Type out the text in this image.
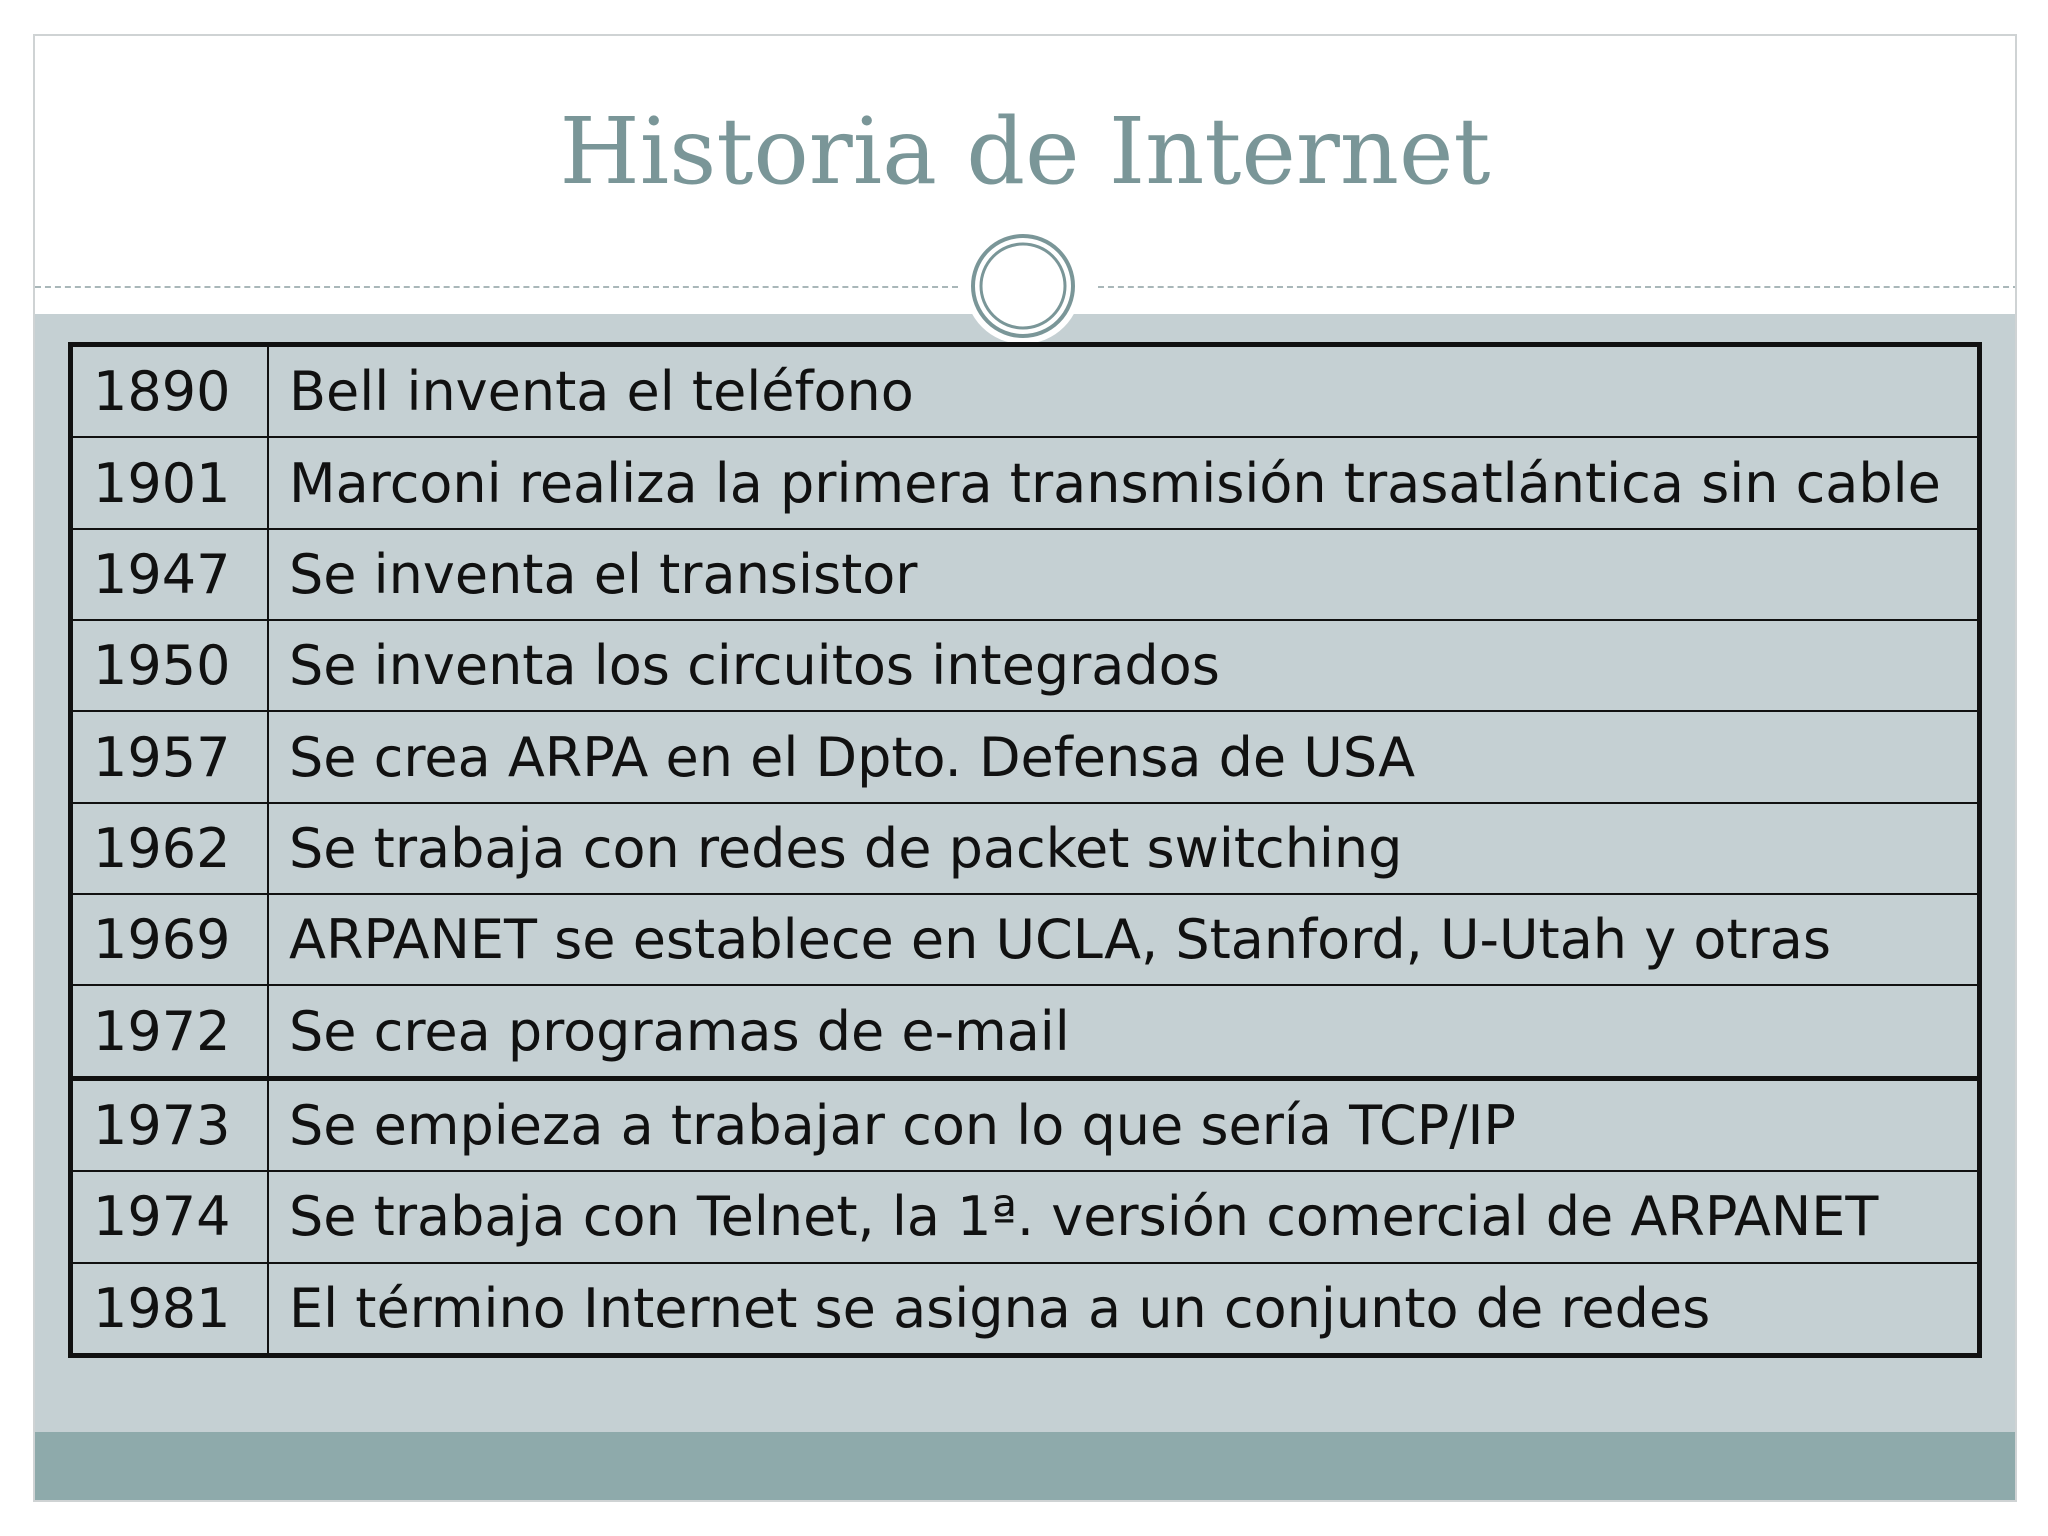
Historia de Internet
1890	Bell inventa el teléfono
1901	Marconi realiza la primera transmisión trasatlántica sin cable
1947	Se inventa el transistor
1950	Se inventa los circuitos integrados
1957	Se crea ARPA en el Dpto. Defensa de USA
1962	Se trabaja con redes de packet switching
1969	ARPANET se establece en UCLA, Stanford, U-Utah y otras
1972	Se crea programas de e-mail
1973	Se empieza a trabajar con lo que sería TCP/IP
1974	Se trabaja con Telnet, la 1ª. versión comercial de ARPANET
1981	El término Internet se asigna a un conjunto de redes
